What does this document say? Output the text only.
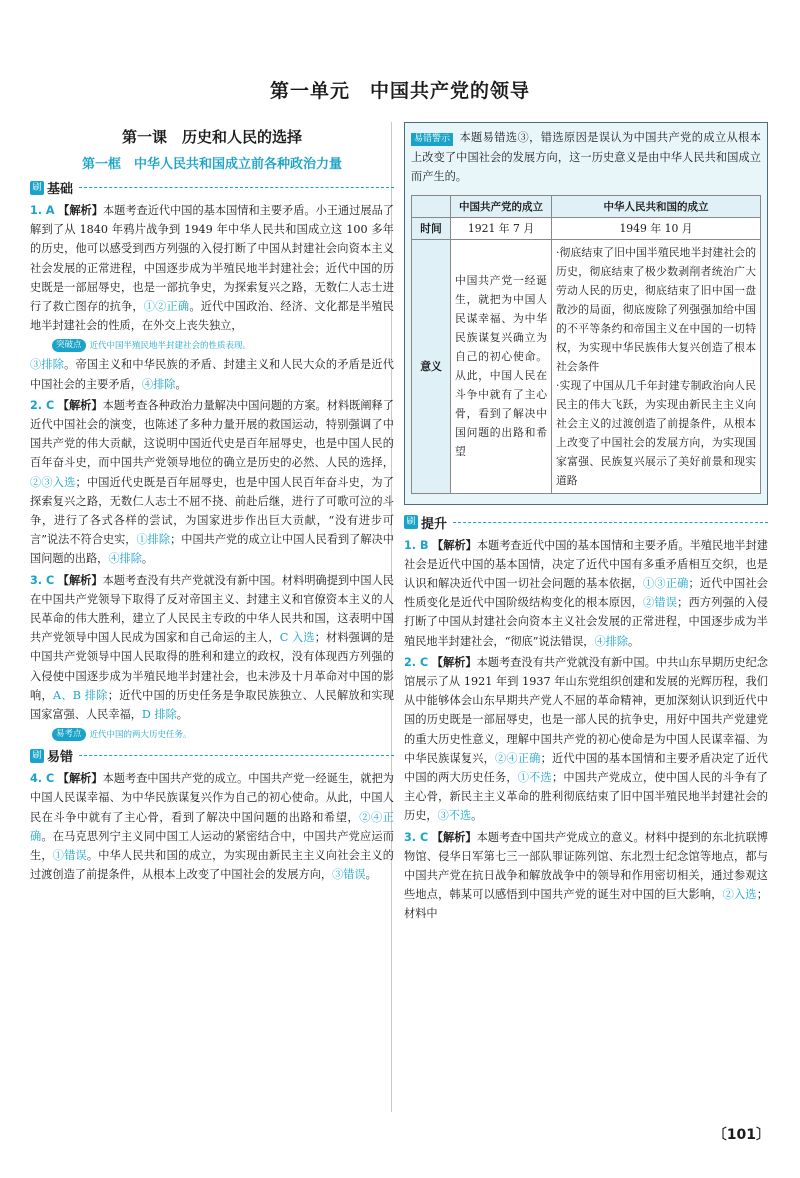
第一单元　中国共产党的领导
第一课　历史和人民的选择
第一框　中华人民共和国成立前各种政治力量
刷 基础

1. A 【解析】本题考查近代中国的基本国情和主要矛盾。小王通过展品了解到了从 1840 年鸦片战争到 1949 年中华人民共和国成立这 100 多年的历史，他可以感受到西方列强的入侵打断了中国从封建社会向资本主义社会发展的正常进程，中国逐步成为半殖民地半封建社会；近代中国的历史既是一部屈辱史，也是一部抗争史，为探索复兴之路，无数仁人志士进行了救亡图存的抗争，①②正确。近代中国政治、经济、文化都是半殖民地半封建社会的性质，在外交上丧失独立，

突破点 近代中国半殖民地半封建社会的性质表现。

③排除。帝国主义和中华民族的矛盾、封建主义和人民大众的矛盾是近代中国社会的主要矛盾，④排除。

2. C 【解析】本题考查各种政治力量解决中国问题的方案。材料既阐释了近代中国社会的演变，也陈述了多种力量开展的救国运动，特别强调了中国共产党的伟大贡献，这说明中国近代史是百年屈辱史，也是中国人民的百年奋斗史，而中国共产党领导地位的确立是历史的必然、人民的选择，②③入选；中国近代史既是百年屈辱史，也是中国人民百年奋斗史，为了探索复兴之路，无数仁人志士不屈不挠、前赴后继，进行了可歌可泣的斗争，进行了各式各样的尝试，为国家进步作出巨大贡献，“没有进步可言”说法不符合史实，①排除；中国共产党的成立让中国人民看到了解决中国问题的出路，④排除。

3. C 【解析】本题考查没有共产党就没有新中国。材料明确提到中国人民在中国共产党领导下取得了反对帝国主义、封建主义和官僚资本主义的人民革命的伟大胜利，建立了人民民主专政的中华人民共和国，这表明中国共产党领导中国人民成为国家和自己命运的主人，C 入选；材料强调的是中国共产党领导中国人民取得的胜利和建立的政权，没有体现西方列强的入侵使中国逐步成为半殖民地半封建社会，也未涉及十月革命对中国的影响，A、B 排除；近代中国的历史任务是争取民族独立、人民解放和实现国家富强、人民幸福，D 排除。

易考点 近代中国的两大历史任务。
刷 易错

4. C 【解析】本题考查中国共产党的成立。中国共产党一经诞生，就把为中国人民谋幸福、为中华民族谋复兴作为自己的初心使命。从此，中国人民在斗争中就有了主心骨，看到了解决中国问题的出路和希望，②④正确。在马克思列宁主义同中国工人运动的紧密结合中，中国共产党应运而生，①错误。中华人民共和国的成立，为实现由新民主主义向社会主义的过渡创造了前提条件，从根本上改变了中国社会的发展方向，③错误。

易错警示 本题易错选③，错选原因是误认为中国共产党的成立从根本上改变了中国社会的发展方向，这一历史意义是由中华人民共和国成立而产生的。
	中国共产党的成立	中华人民共和国的成立
时间	1921 年 7 月	1949 年 10 月
意义	中国共产党一经诞生，就把为中国人民谋幸福、为中华民族谋复兴确立为自己的初心使命。从此，中国人民在斗争中就有了主心骨，看到了解决中国问题的出路和希望	·彻底结束了旧中国半殖民地半封建社会的历史，彻底结束了极少数剥削者统治广大劳动人民的历史，彻底结束了旧中国一盘散沙的局面，彻底废除了列强强加给中国的不平等条约和帝国主义在中国的一切特权，为实现中华民族伟大复兴创造了根本社会条件
·实现了中国从几千年封建专制政治向人民民主的伟大飞跃，为实现由新民主主义向社会主义的过渡创造了前提条件，从根本上改变了中国社会的发展方向，为实现国家富强、民族复兴展示了美好前景和现实道路
刷 提升

1. B 【解析】本题考查近代中国的基本国情和主要矛盾。半殖民地半封建社会是近代中国的基本国情，决定了近代中国有多重矛盾相互交织，也是认识和解决近代中国一切社会问题的基本依据，①③正确；近代中国社会性质变化是近代中国阶级结构变化的根本原因，②错误；西方列强的入侵打断了中国从封建社会向资本主义社会发展的正常进程，中国逐步成为半殖民地半封建社会，“彻底”说法错误，④排除。

2. C 【解析】本题考查没有共产党就没有新中国。中共山东早期历史纪念馆展示了从 1921 年到 1937 年山东党组织创建和发展的光辉历程，我们从中能够体会山东早期共产党人不屈的革命精神，更加深刻认识到近代中国的历史既是一部屈辱史，也是一部人民的抗争史，用好中国共产党建党的重大历史性意义，理解中国共产党的初心使命是为中国人民谋幸福、为中华民族谋复兴，②④正确；近代中国的基本国情和主要矛盾决定了近代中国的两大历史任务，①不选；中国共产党成立，使中国人民的斗争有了主心骨，新民主主义革命的胜利彻底结束了旧中国半殖民地半封建社会的历史，③不选。

3. C 【解析】本题考查中国共产党成立的意义。材料中提到的东北抗联博物馆、侵华日军第七三一部队罪证陈列馆、东北烈士纪念馆等地点，都与中国共产党在抗日战争和解放战争中的领导和作用密切相关，通过参观这些地点，韩某可以感悟到中国共产党的诞生对中国的巨大影响，②入选；材料中

〔101〕
